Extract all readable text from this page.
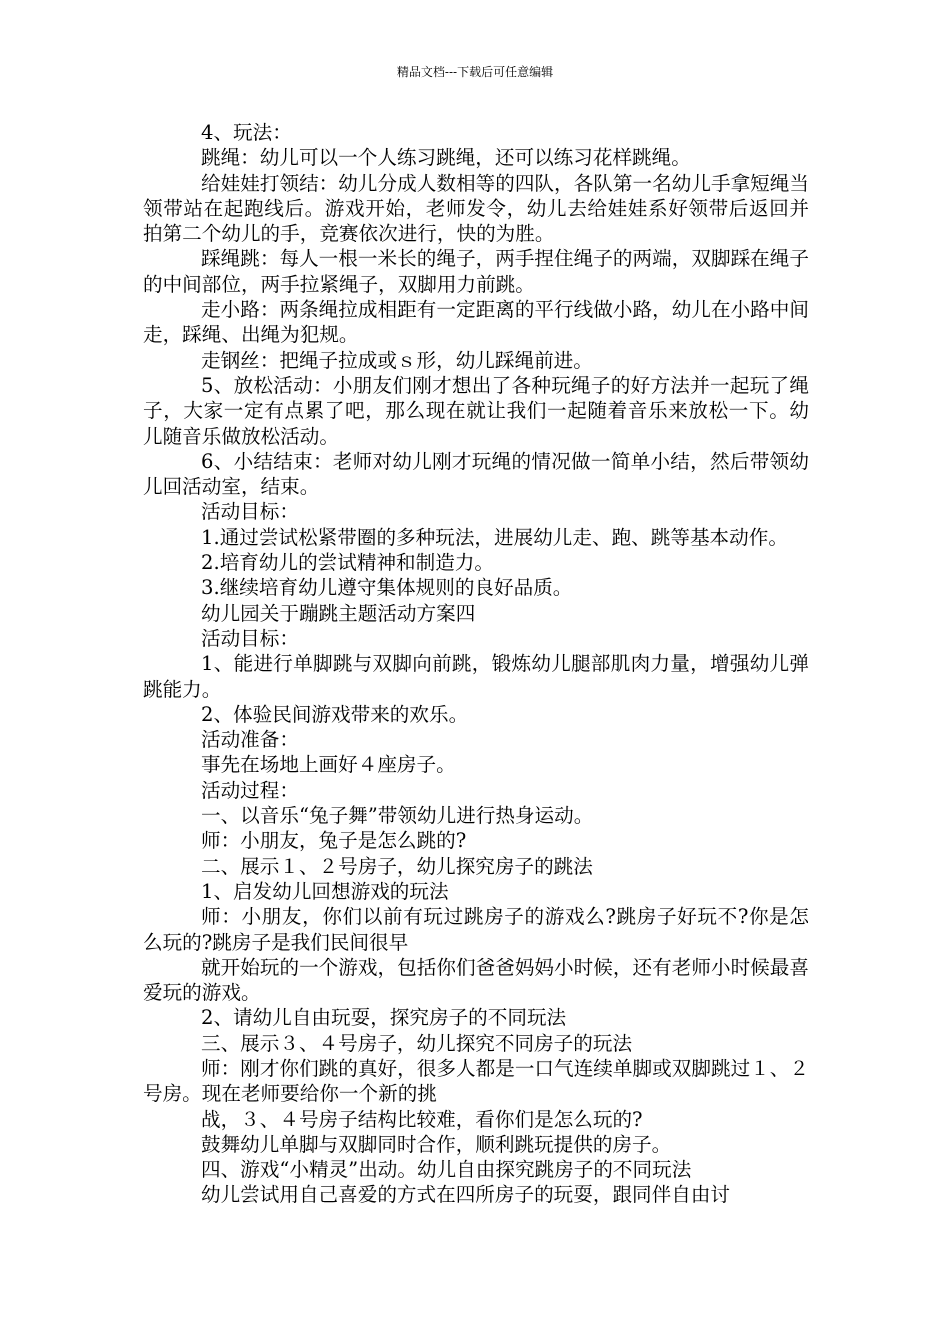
精品文档---下载后可任意编辑

4、玩法：

跳绳：幼儿可以一个人练习跳绳，还可以练习花样跳绳。

给娃娃打领结：幼儿分成人数相等的四队，各队第一名幼儿手拿短绳当领带站在起跑线后。游戏开始，老师发令，幼儿去给娃娃系好领带后返回并拍第二个幼儿的手，竞赛依次进行，快的为胜。

踩绳跳：每人一根一米长的绳子，两手捏住绳子的两端，双脚踩在绳子的中间部位，两手拉紧绳子，双脚用力前跳。

走小路：两条绳拉成相距有一定距离的平行线做小路，幼儿在小路中间走，踩绳、出绳为犯规。

走钢丝：把绳子拉成或ｓ形，幼儿踩绳前进。

5、放松活动：小朋友们刚才想出了各种玩绳子的好方法并一起玩了绳子，大家一定有点累了吧，那么现在就让我们一起随着音乐来放松一下。幼儿随音乐做放松活动。

6、小结结束：老师对幼儿刚才玩绳的情况做一简单小结，然后带领幼儿回活动室，结束。

活动目标：

1.通过尝试松紧带圈的多种玩法，进展幼儿走、跑、跳等基本动作。

2.培育幼儿的尝试精神和制造力。

3.继续培育幼儿遵守集体规则的良好品质。

幼儿园关于蹦跳主题活动方案四

活动目标：

1、能进行单脚跳与双脚向前跳，锻炼幼儿腿部肌肉力量，增强幼儿弹跳能力。

2、体验民间游戏带来的欢乐。

活动准备：

事先在场地上画好４座房子。

活动过程：

一、以音乐“兔子舞”带领幼儿进行热身运动。

师：小朋友，兔子是怎么跳的?

二、展示１、２号房子，幼儿探究房子的跳法

1、启发幼儿回想游戏的玩法

师：小朋友，你们以前有玩过跳房子的游戏么?跳房子好玩不?你是怎么玩的?跳房子是我们民间很早

就开始玩的一个游戏，包括你们爸爸妈妈小时候，还有老师小时候最喜爱玩的游戏。

2、请幼儿自由玩耍，探究房子的不同玩法

三、展示３、４号房子，幼儿探究不同房子的玩法

师：刚才你们跳的真好，很多人都是一口气连续单脚或双脚跳过１、２号房。现在老师要给你一个新的挑

战，３、４号房子结构比较难，看你们是怎么玩的?

鼓舞幼儿单脚与双脚同时合作，顺利跳玩提供的房子。

四、游戏“小精灵”出动。幼儿自由探究跳房子的不同玩法

幼儿尝试用自己喜爱的方式在四所房子的玩耍，跟同伴自由讨
